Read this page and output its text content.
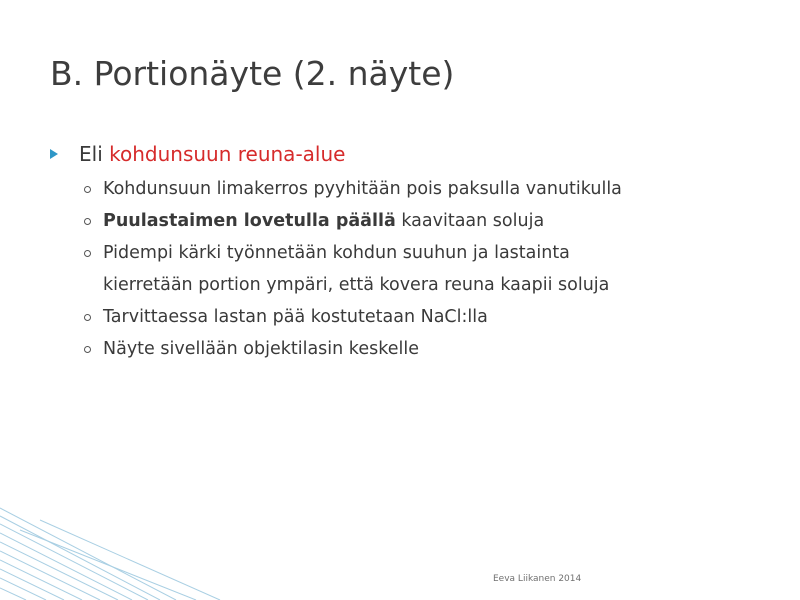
B. Portionäyte (2. näyte)
Eli kohdunsuun reuna-alue
Kohdunsuun limakerros pyyhitään pois paksulla vanutikulla
Puulastaimen lovetulla päällä kaavitaan soluja
Pidempi kärki työnnetään kohdun suuhun ja lastainta
kierretään portion ympäri, että kovera reuna kaapii soluja
Tarvittaessa lastan pää kostutetaan NaCl:lla
Näyte sivellään objektilasin keskelle
Eeva Liikanen 2014
